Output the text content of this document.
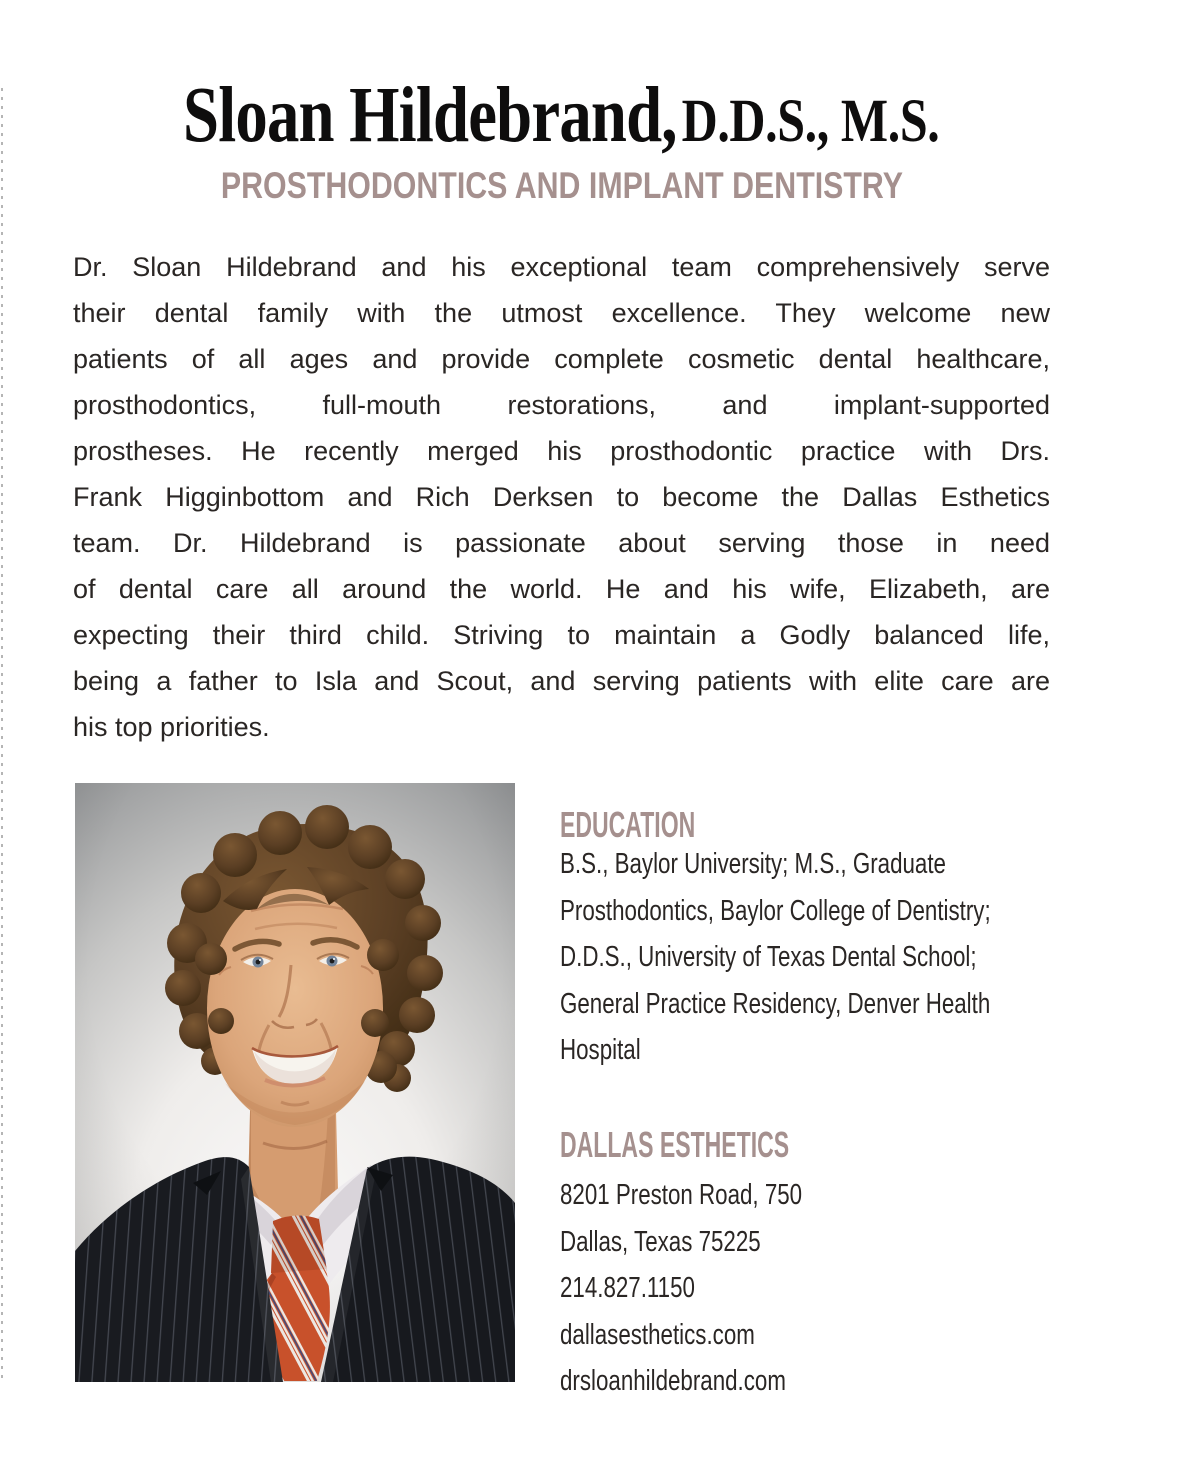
Sloan Hildebrand,D.D.S., M.S.
PROSTHODONTICS AND IMPLANT DENTISTRY
Dr. Sloan Hildebrand and his exceptional team comprehensively serve
their dental family with the utmost excellence. They welcome new
patients of all ages and provide complete cosmetic dental healthcare,
prosthodontics, full-mouth restorations, and implant-supported
prostheses. He recently merged his prosthodontic practice with Drs.
Frank Higginbottom and Rich Derksen to become the Dallas Esthetics
team. Dr. Hildebrand is passionate about serving those in need
of dental care all around the world. He and his wife, Elizabeth, are
expecting their third child. Striving to maintain a Godly balanced life,
being a father to Isla and Scout, and serving patients with elite care are
his top priorities.
EDUCATION
B.S., Baylor University; M.S., Graduate
Prosthodontics, Baylor College of Dentistry;
D.D.S., University of Texas Dental School;
General Practice Residency, Denver Health
Hospital
DALLAS ESTHETICS
8201 Preston Road, 750
Dallas, Texas 75225
214.827.1150
dallasesthetics.com
drsloanhildebrand.com
